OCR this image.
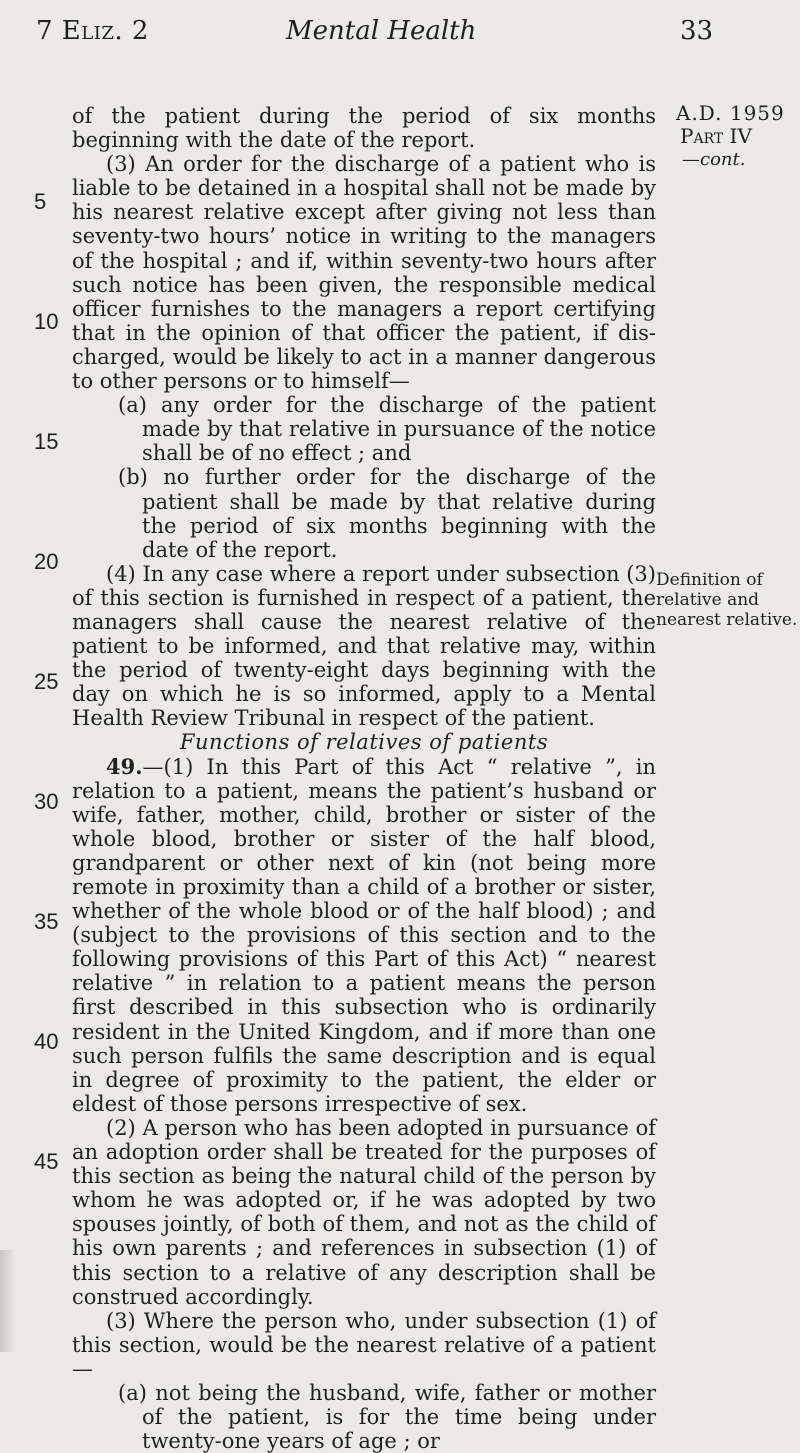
7 Eliz. 2	Mental Health	33
A.D. 1959
Part IV
—cont.
Definition of relative and nearest relative.
5
10
15
20
25
30
35
40
45

of the patient during the period of six months beginning with the date of the report.

(3) An order for the discharge of a patient who is liable to be detained in a hospital shall not be made by his nearest relative except after giving not less than seventy-two hours’ notice in writing to the managers of the hospital ; and if, within seventy-two hours after such notice has been given, the responsible medical officer furnishes to the managers a report certifying that in the opinion of that officer the patient, if discharged, would be likely to act in a manner dangerous to other persons or to himself—

(a) any order for the discharge of the patient made by that relative in pursuance of the notice shall be of no effect ; and

(b) no further order for the discharge of the patient shall be made by that relative during the period of six months beginning with the date of the report.

(4) In any case where a report under subsection (3) of this section is furnished in respect of a patient, the managers shall cause the nearest relative of the patient to be informed, and that relative may, within the period of twenty-eight days beginning with the day on which he is so informed, apply to a Mental Health Review Tribunal in respect of the patient.

Functions of relatives of patients

49.—(1) In this Part of this Act “ relative ”, in relation to a patient, means the patient’s husband or wife, father, mother, child, brother or sister of the whole blood, brother or sister of the half blood, grandparent or other next of kin (not being more remote in proximity than a child of a brother or sister, whether of the whole blood or of the half blood) ; and (subject to the provisions of this section and to the following provisions of this Part of this Act) “ nearest relative ” in relation to a patient means the person first described in this subsection who is ordinarily resident in the United Kingdom, and if more than one such person fulfils the same description and is equal in degree of proximity to the patient, the elder or eldest of those persons irrespective of sex.

(2) A person who has been adopted in pursuance of an adoption order shall be treated for the purposes of this section as being the natural child of the person by whom he was adopted or, if he was adopted by two spouses jointly, of both of them, and not as the child of his own parents ; and references in subsection (1) of this section to a relative of any description shall be construed accordingly.

(3) Where the person who, under subsection (1) of this section, would be the nearest relative of a patient—

(a) not being the husband, wife, father or mother of the patient, is for the time being under twenty-one years of age ; or
